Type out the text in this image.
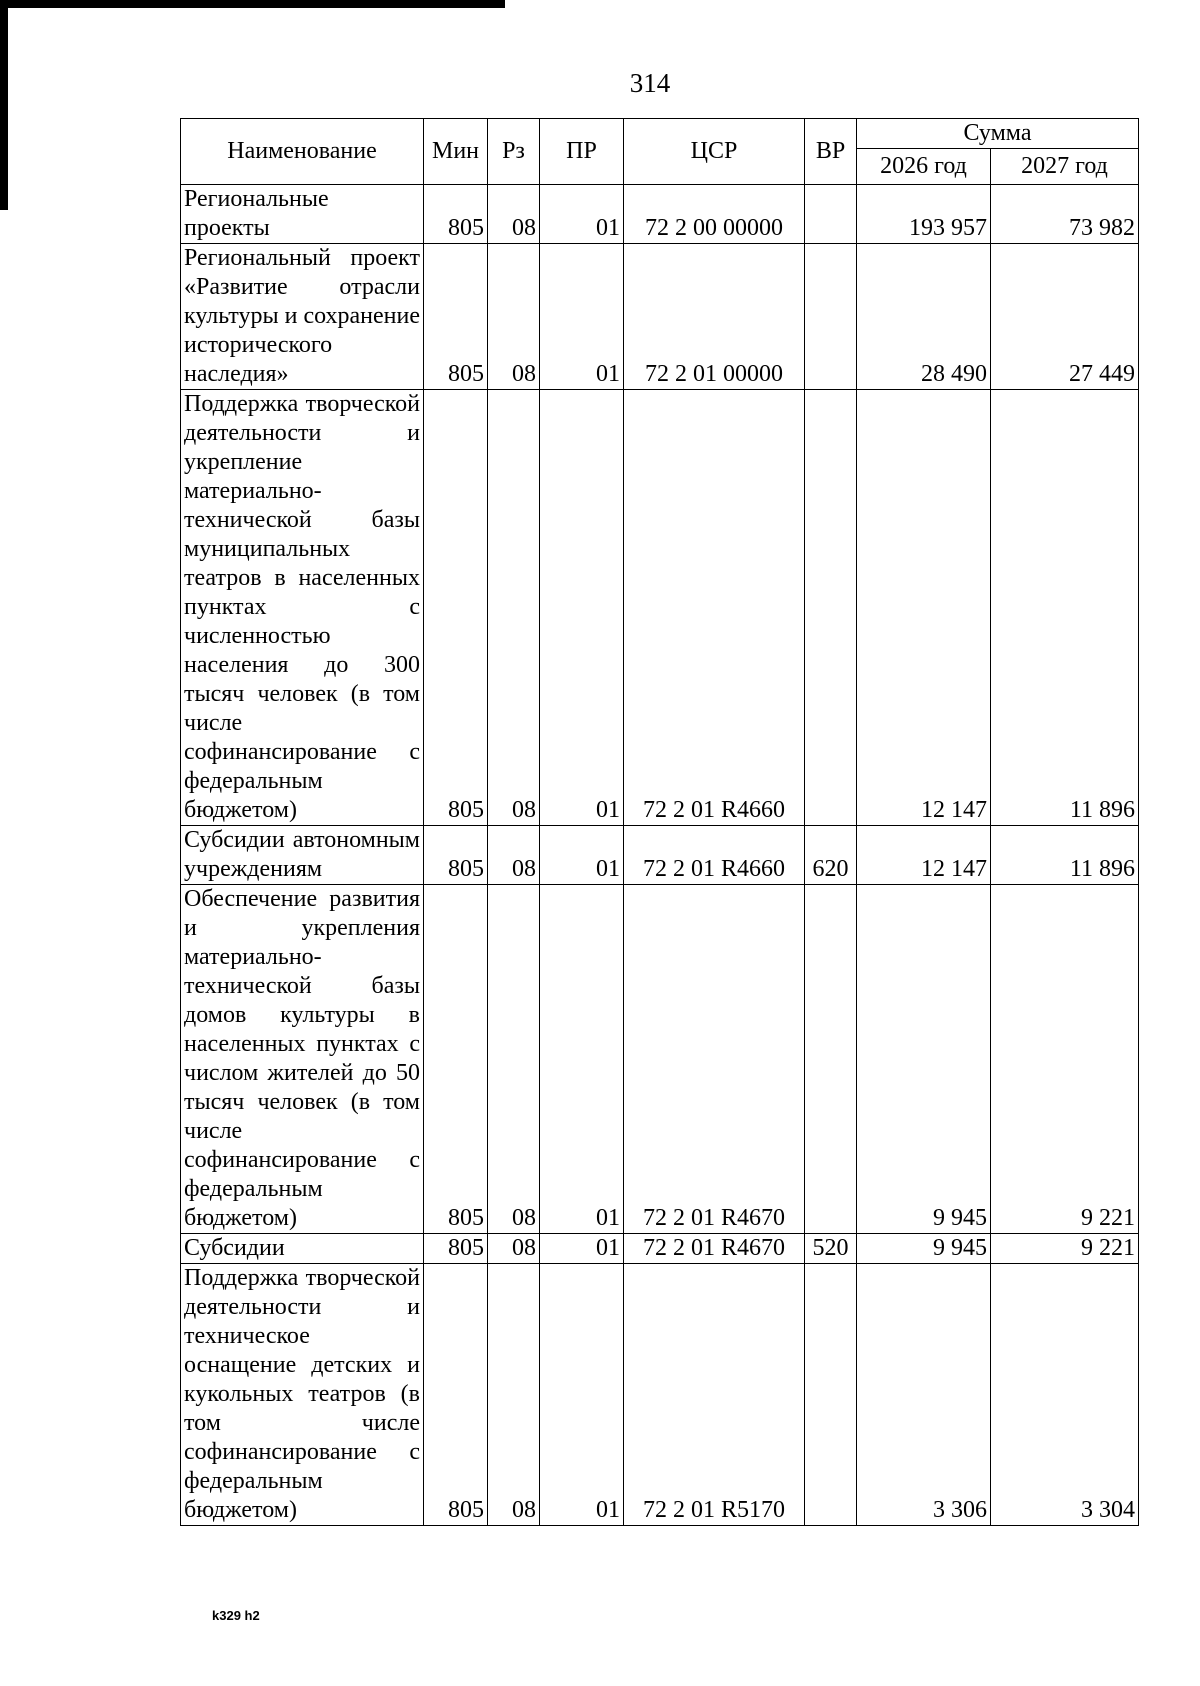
314
Наименование	Мин	Рз	ПР	ЦСР	ВР	Сумма	
						2026 год	2027 год
Региональные проекты	805	08	01	72 2 00 00000		193 957	73 982
Региональный проект «Развитие отрасли культуры и сохранение исторического наследия»	805	08	01	72 2 01 00000		28 490	27 449
Поддержка творческой деятельности и укрепление материально-технической базы муниципальных театров в населенных пунктах с численностью населения до 300 тысяч человек (в том числе софинансирование с федеральным бюджетом)	805	08	01	72 2 01 R4660		12 147	11 896
Субсидии автономным учреждениям	805	08	01	72 2 01 R4660	620	12 147	11 896
Обеспечение развития и укрепления материально-технической базы домов культуры в населенных пунктах с числом жителей до 50 тысяч человек (в том числе софинансирование с федеральным бюджетом)	805	08	01	72 2 01 R4670		9 945	9 221
Субсидии	805	08	01	72 2 01 R4670	520	9 945	9 221
Поддержка творческой деятельности и техническое оснащение детских и кукольных театров (в том числе софинансирование с федеральным бюджетом)	805	08	01	72 2 01 R5170		3 306	3 304
k329 h2
